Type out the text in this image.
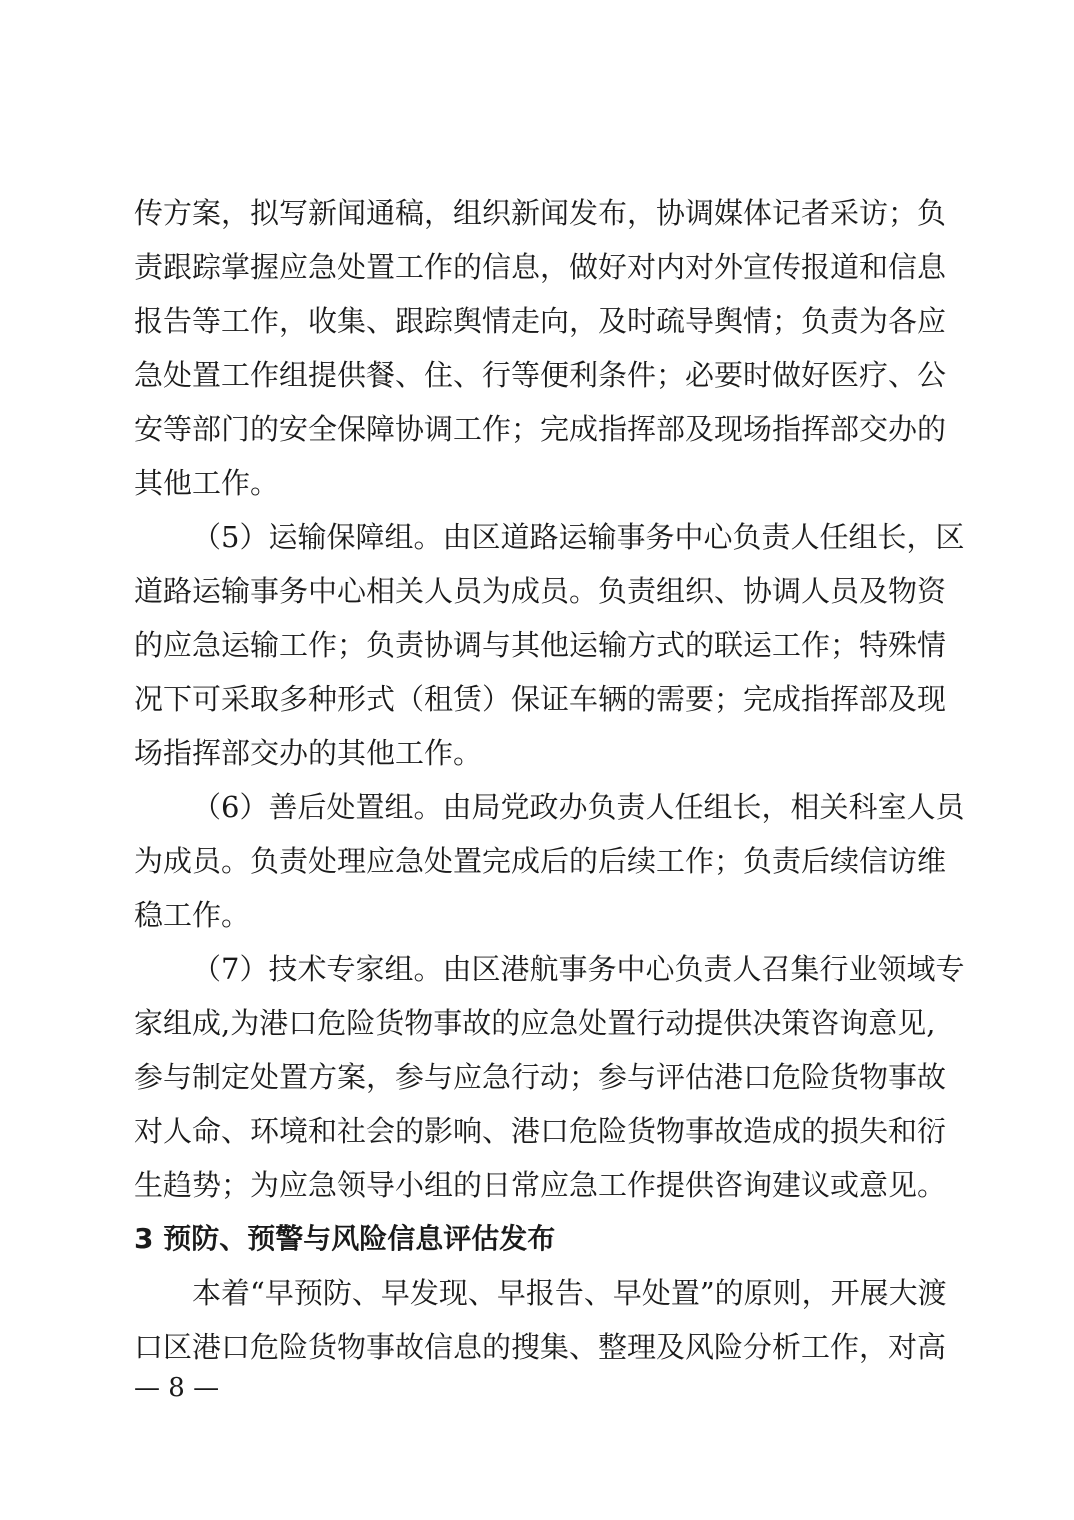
传方案，拟写新闻通稿，组织新闻发布，协调媒体记者采访；负

责跟踪掌握应急处置工作的信息，做好对内对外宣传报道和信息

报告等工作，收集、跟踪舆情走向，及时疏导舆情；负责为各应

急处置工作组提供餐、住、行等便利条件；必要时做好医疗、公

安等部门的安全保障协调工作；完成指挥部及现场指挥部交办的

其他工作。

（5）运输保障组。由区道路运输事务中心负责人任组长，区

道路运输事务中心相关人员为成员。负责组织、协调人员及物资

的应急运输工作；负责协调与其他运输方式的联运工作；特殊情

况下可采取多种形式（租赁）保证车辆的需要；完成指挥部及现

场指挥部交办的其他工作。

（6）善后处置组。由局党政办负责人任组长，相关科室人员

为成员。负责处理应急处置完成后的后续工作；负责后续信访维

稳工作。

（7）技术专家组。由区港航事务中心负责人召集行业领域专

家组成,为港口危险货物事故的应急处置行动提供决策咨询意见,

参与制定处置方案，参与应急行动；参与评估港口危险货物事故

对人命、环境和社会的影响、港口危险货物事故造成的损失和衍

生趋势；为应急领导小组的日常应急工作提供咨询建议或意见。

3 预防、预警与风险信息评估发布

本着“早预防、早发现、早报告、早处置”的原则，开展大渡

口区港口危险货物事故信息的搜集、整理及风险分析工作，对高

— 8 —
